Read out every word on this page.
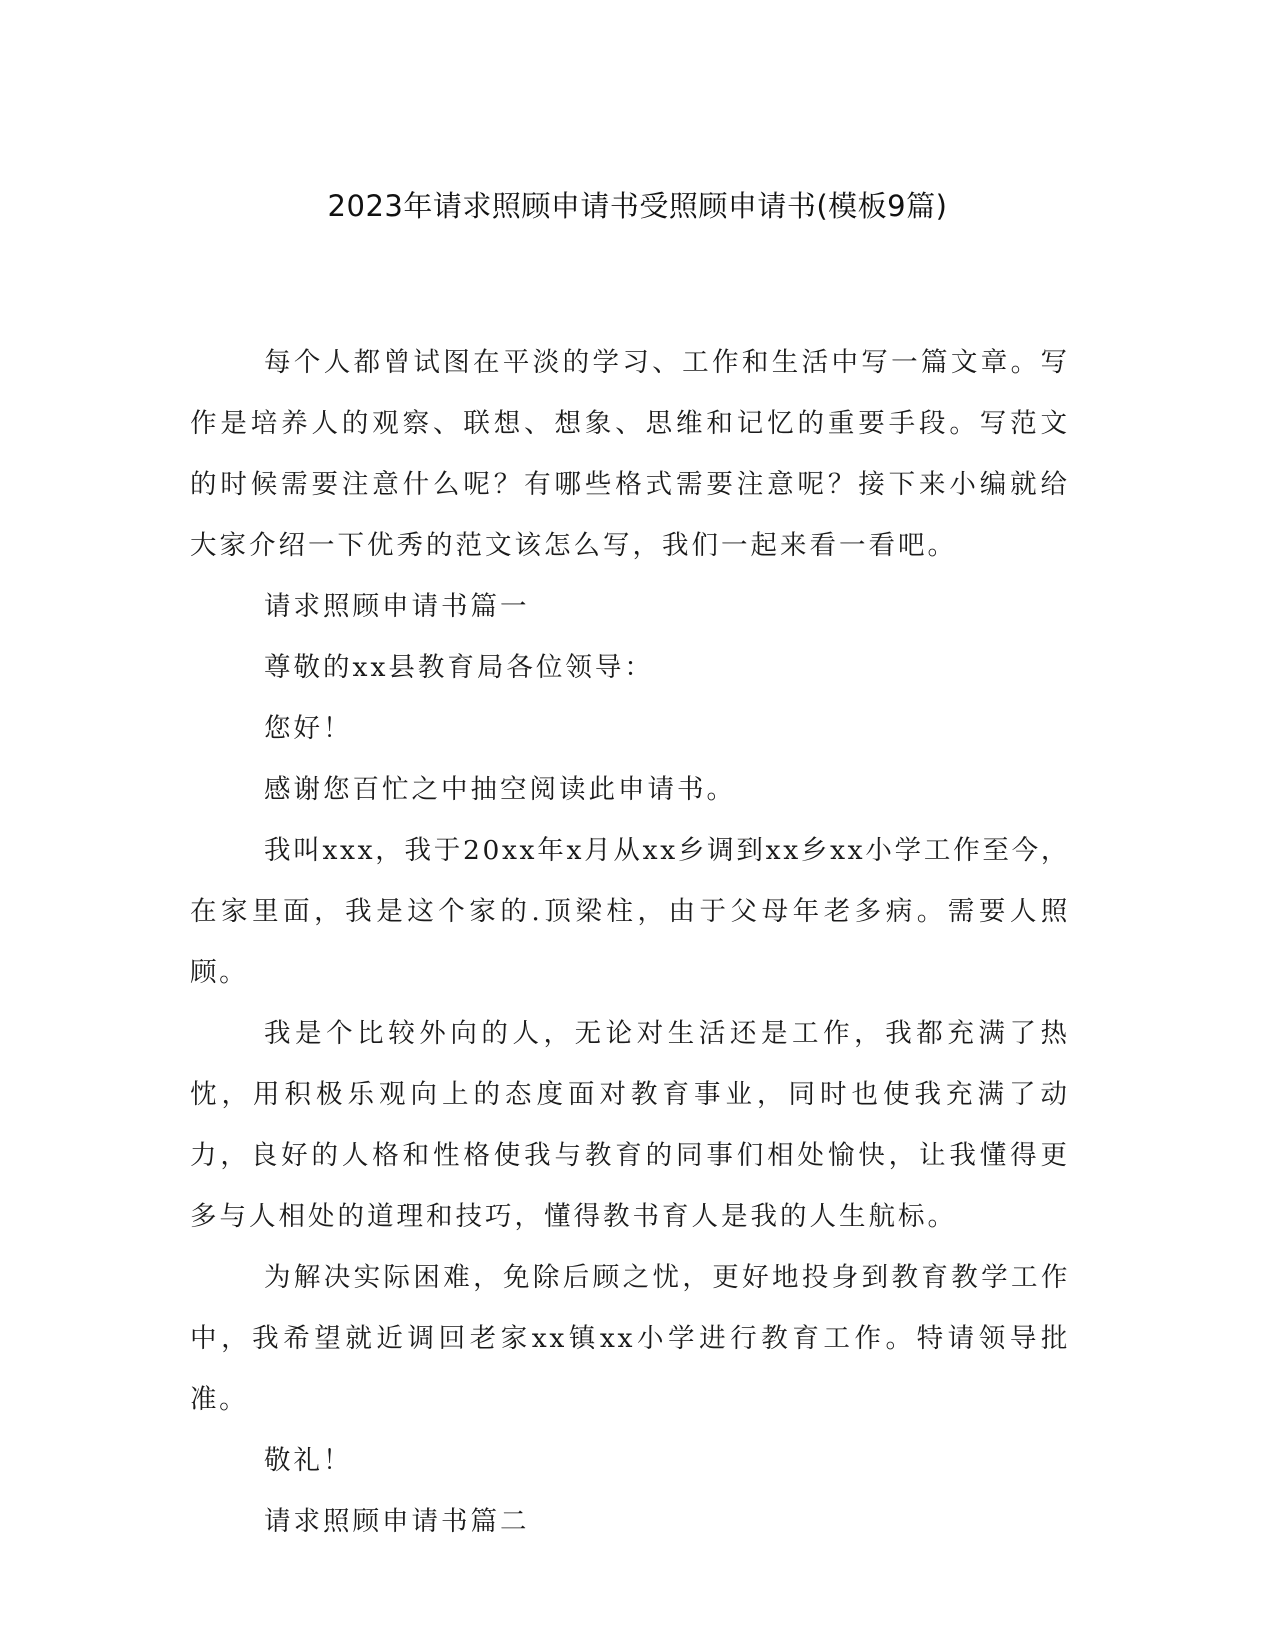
2023年请求照顾申请书受照顾申请书(模板9篇)

每个人都曾试图在平淡的学习、工作和生活中写一篇文章。写作是培养人的观察、联想、想象、思维和记忆的重要手段。写范文的时候需要注意什么呢？有哪些格式需要注意呢？接下来小编就给大家介绍一下优秀的范文该怎么写，我们一起来看一看吧。

请求照顾申请书篇一

尊敬的xx县教育局各位领导：

您好！

感谢您百忙之中抽空阅读此申请书。

我叫xxx，我于20xx年x月从xx乡调到xx乡xx小学工作至今，在家里面，我是这个家的.顶梁柱，由于父母年老多病。需要人照顾。

我是个比较外向的人，无论对生活还是工作，我都充满了热忱，用积极乐观向上的态度面对教育事业，同时也使我充满了动力，良好的人格和性格使我与教育的同事们相处愉快，让我懂得更多与人相处的道理和技巧，懂得教书育人是我的人生航标。

为解决实际困难，免除后顾之忧，更好地投身到教育教学工作中，我希望就近调回老家xx镇xx小学进行教育工作。特请领导批准。

敬礼！

请求照顾申请书篇二
